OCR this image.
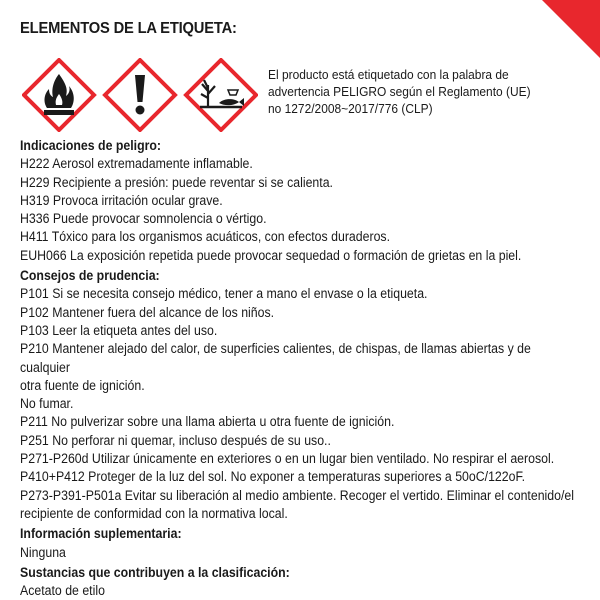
ELEMENTOS DE LA ETIQUETA:
El producto está etiquetado con la palabra de advertencia PELIGRO según el Reglamento (UE) no 1272/2008~2017/776 (CLP)
Indicaciones de peligro:
H222 Aerosol extremadamente inflamable.
H229 Recipiente a presión: puede reventar si se calienta.
H319 Provoca irritación ocular grave.
H336 Puede provocar somnolencia o vértigo.
H411 Tóxico para los organismos acuáticos, con efectos duraderos.
EUH066 La exposición repetida puede provocar sequedad o formación de grietas en la piel.
Consejos de prudencia:
P101 Si se necesita consejo médico, tener a mano el envase o la etiqueta.
P102 Mantener fuera del alcance de los niños.
P103 Leer la etiqueta antes del uso.
P210 Mantener alejado del calor, de superficies calientes, de chispas, de llamas abiertas y de cualquier
otra fuente de ignición.
No fumar.
P211 No pulverizar sobre una llama abierta u otra fuente de ignición.
P251 No perforar ni quemar, incluso después de su uso..
P271-P260d Utilizar únicamente en exteriores o en un lugar bien ventilado. No respirar el aerosol.
P410+P412 Proteger de la luz del sol. No exponer a temperaturas superiores a 50oC/122oF.
P273-P391-P501a Evitar su liberación al medio ambiente. Recoger el vertido. Eliminar el contenido/el
recipiente de conformidad con la normativa local.
Información suplementaria:
Ninguna
Sustancias que contribuyen a la clasificación:
Acetato de etilo
